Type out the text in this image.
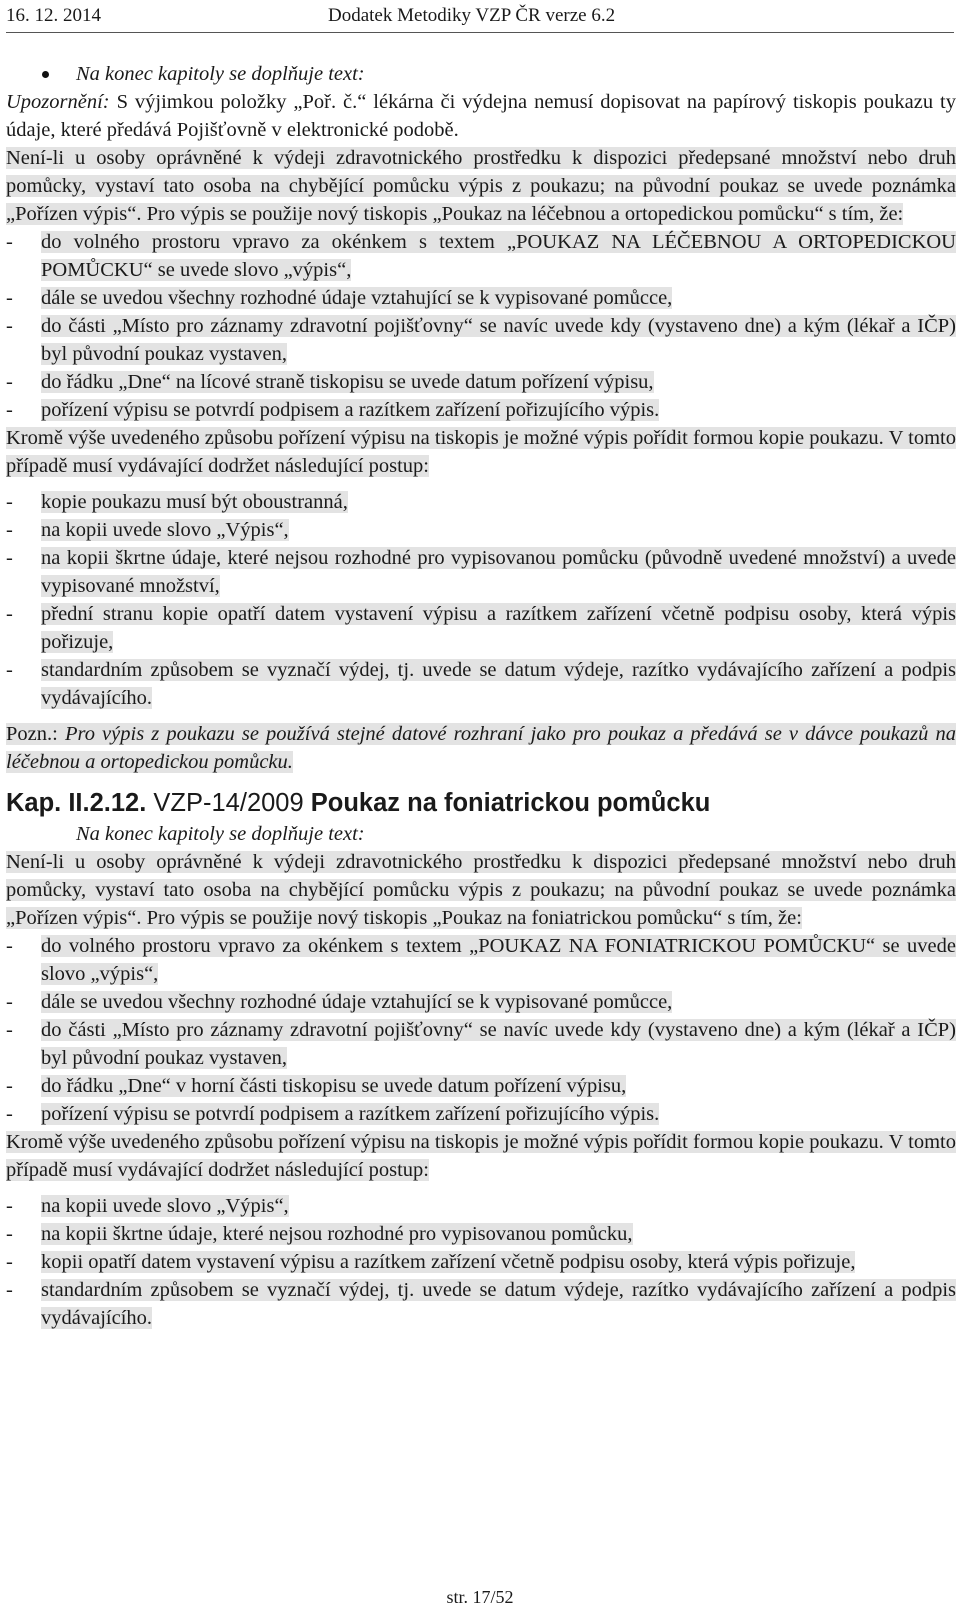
16. 12. 2014	Dodatek Metodiky VZP ČR verze 6.2

Na konec kapitoly se doplňuje text:

Upozornění: S výjimkou položky „Poř. č.“ lékárna či výdejna nemusí dopisovat na papírový tiskopis poukazu ty údaje, které předává Pojišťovně v elektronické podobě.

Není-li u osoby oprávněné k výdeji zdravotnického prostředku k dispozici předepsané množství nebo druh pomůcky, vystaví tato osoba na chybějící pomůcku výpis z poukazu; na původní poukaz se uvede poznámka „Pořízen výpis“. Pro výpis se použije nový tiskopis „Poukaz na léčebnou a ortopedickou pomůcku“ s tím, že:

- do volného prostoru vpravo za okénkem s textem „POUKAZ NA LÉČEBNOU A ORTOPEDICKOU POMŮCKU“ se uvede slovo „výpis“,
- dále se uvedou všechny rozhodné údaje vztahující se k vypisované pomůcce,
- do části „Místo pro záznamy zdravotní pojišťovny“ se navíc uvede kdy (vystaveno dne) a kým (lékař a IČP) byl původní poukaz vystaven,
- do řádku „Dne“ na lícové straně tiskopisu se uvede datum pořízení výpisu,
- pořízení výpisu se potvrdí podpisem a razítkem zařízení pořizujícího výpis.

Kromě výše uvedeného způsobu pořízení výpisu na tiskopis je možné výpis pořídit formou kopie poukazu. V tomto případě musí vydávající dodržet následující postup:

- kopie poukazu musí být oboustranná,
- na kopii uvede slovo „Výpis“,
- na kopii škrtne údaje, které nejsou rozhodné pro vypisovanou pomůcku (původně uvedené množství) a uvede vypisované množství,
- přední stranu kopie opatří datem vystavení výpisu a razítkem zařízení včetně podpisu osoby, která výpis pořizuje,
- standardním způsobem se vyznačí výdej, tj. uvede se datum výdeje, razítko vydávajícího zařízení a podpis vydávajícího.

Pozn.: Pro výpis z poukazu se používá stejné datové rozhraní jako pro poukaz a předává se v dávce poukazů na léčebnou a ortopedickou pomůcku.

Kap. II.2.12. VZP-14/2009 Poukaz na foniatrickou pomůcku

Na konec kapitoly se doplňuje text:

Není-li u osoby oprávněné k výdeji zdravotnického prostředku k dispozici předepsané množství nebo druh pomůcky, vystaví tato osoba na chybějící pomůcku výpis z poukazu; na původní poukaz se uvede poznámka „Pořízen výpis“. Pro výpis se použije nový tiskopis „Poukaz na foniatrickou pomůcku“ s tím, že:

- do volného prostoru vpravo za okénkem s textem „POUKAZ NA FONIATRICKOU POMŮCKU“ se uvede slovo „výpis“,
- dále se uvedou všechny rozhodné údaje vztahující se k vypisované pomůcce,
- do části „Místo pro záznamy zdravotní pojišťovny“ se navíc uvede kdy (vystaveno dne) a kým (lékař a IČP) byl původní poukaz vystaven,
- do řádku „Dne“ v horní části tiskopisu se uvede datum pořízení výpisu,
- pořízení výpisu se potvrdí podpisem a razítkem zařízení pořizujícího výpis.

Kromě výše uvedeného způsobu pořízení výpisu na tiskopis je možné výpis pořídit formou kopie poukazu. V tomto případě musí vydávající dodržet následující postup:

- na kopii uvede slovo „Výpis“,
- na kopii škrtne údaje, které nejsou rozhodné pro vypisovanou pomůcku,
- kopii opatří datem vystavení výpisu a razítkem zařízení včetně podpisu osoby, která výpis pořizuje,
- standardním způsobem se vyznačí výdej, tj. uvede se datum výdeje, razítko vydávajícího zařízení a podpis vydávajícího.
str. 17/52
